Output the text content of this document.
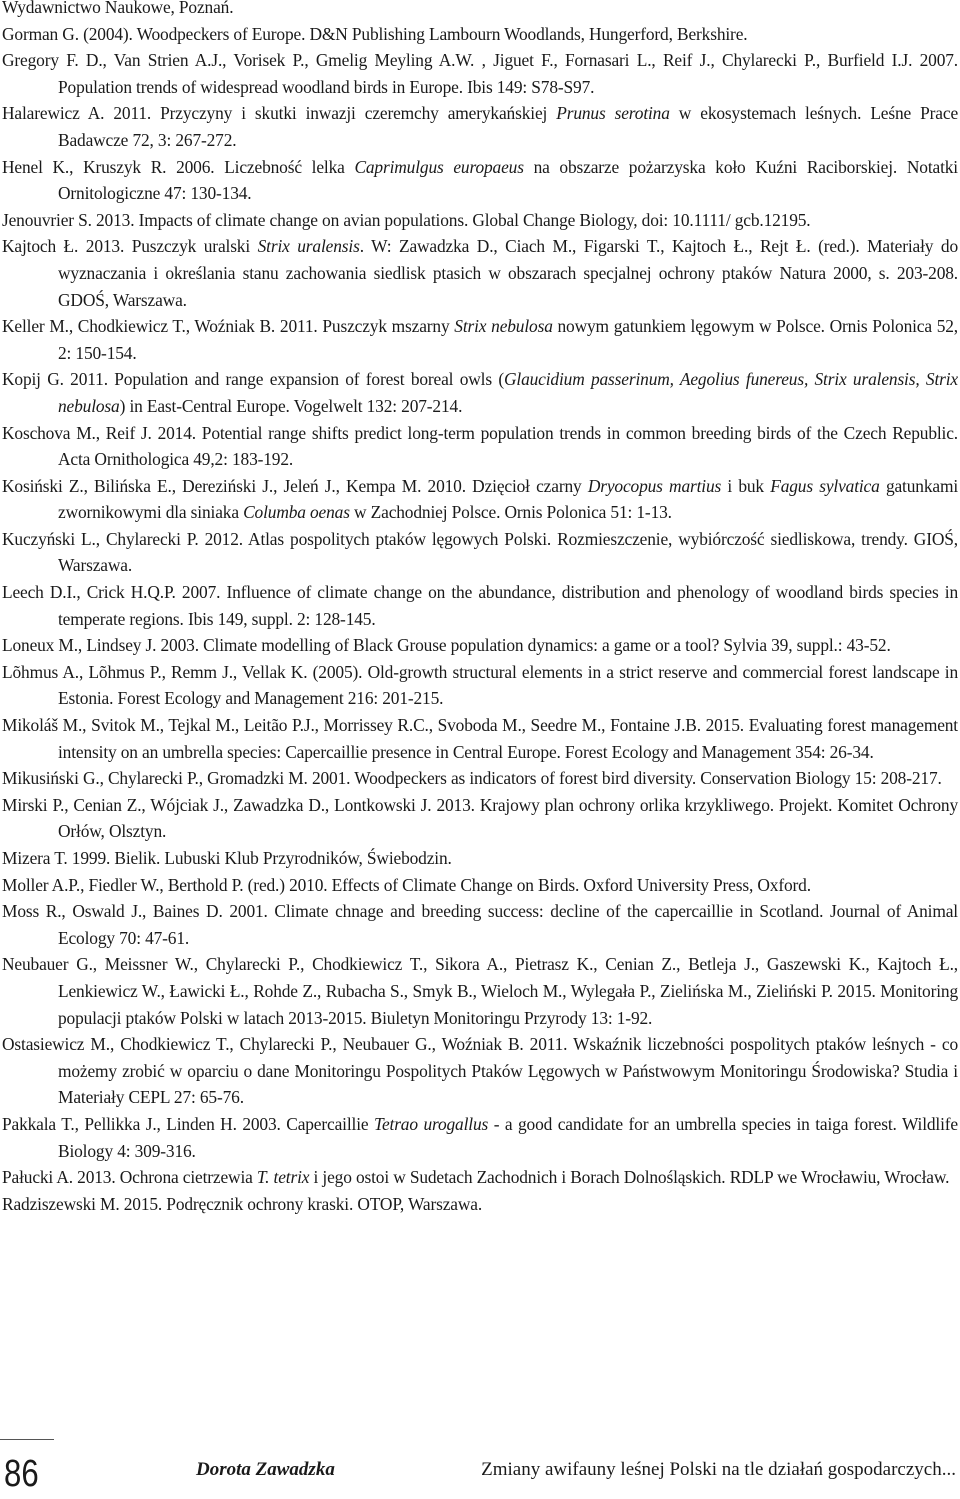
Wydawnictwo Naukowe, Poznań.

Gorman G. (2004). Woodpeckers of Europe. D&N Publishing Lambourn Woodlands, Hungerford, Berkshire.

Gregory F. D., Van Strien A.J., Vorisek P., Gmelig Meyling A.W. , Jiguet F., Fornasari L., Reif J., Chylarecki P., Burfield I.J. 2007. Population trends of widespread woodland birds in Europe. Ibis 149: S78-S97.

Halarewicz A. 2011. Przyczyny i skutki inwazji czeremchy amerykańskiej Prunus serotina w ekosystemach leśnych. Leśne Prace Badawcze 72, 3: 267-272.

Henel K., Kruszyk R. 2006. Liczebność lelka Caprimulgus europaeus na obszarze pożarzyska koło Kuźni Raciborskiej. Notatki Ornitologiczne 47: 130-134.

Jenouvrier S. 2013. Impacts of climate change on avian populations. Global Change Biology, doi: 10.1111/ gcb.12195.

Kajtoch Ł. 2013. Puszczyk uralski Strix uralensis. W: Zawadzka D., Ciach M., Figarski T., Kajtoch Ł., Rejt Ł. (red.). Materiały do wyznaczania i określania stanu zachowania siedlisk ptasich w obszarach specjalnej ochrony ptaków Natura 2000, s. 203-208. GDOŚ, Warszawa.

Keller M., Chodkiewicz T., Woźniak B. 2011. Puszczyk mszarny Strix nebulosa nowym gatunkiem lęgowym w Polsce. Ornis Polonica 52, 2: 150-154.

Kopij G. 2011. Population and range expansion of forest boreal owls (Glaucidium passerinum, Aegolius funereus, Strix uralensis, Strix nebulosa) in East-Central Europe. Vogelwelt 132: 207-214.

Koschova M., Reif J. 2014. Potential range shifts predict long-term population trends in common breeding birds of the Czech Republic. Acta Ornithologica 49,2: 183-192.

Kosiński Z., Bilińska E., Dereziński J., Jeleń J., Kempa M. 2010. Dzięcioł czarny Dryocopus martius i buk Fagus sylvatica gatunkami zwornikowymi dla siniaka Columba oenas w Zachodniej Polsce. Ornis Polonica 51: 1-13.

Kuczyński L., Chylarecki P. 2012. Atlas pospolitych ptaków lęgowych Polski. Rozmieszczenie, wybiórczość siedliskowa, trendy. GIOŚ, Warszawa.

Leech D.I., Crick H.Q.P. 2007. Influence of climate change on the abundance, distribution and phenology of woodland birds species in temperate regions. Ibis 149, suppl. 2: 128-145.

Loneux M., Lindsey J. 2003. Climate modelling of Black Grouse population dynamics: a game or a tool? Sylvia 39, suppl.: 43-52.

Lõhmus A., Lõhmus P., Remm J., Vellak K. (2005). Old-growth structural elements in a strict reserve and commercial forest landscape in Estonia. Forest Ecology and Management 216: 201-215.

Mikoláš M., Svitok M., Tejkal M., Leitão P.J., Morrissey R.C., Svoboda M., Seedre M., Fontaine J.B. 2015. Evaluating forest management intensity on an umbrella species: Capercaillie presence in Central Europe. Forest Ecology and Management 354: 26-34.

Mikusiński G., Chylarecki P., Gromadzki M. 2001. Woodpeckers as indicators of forest bird diversity. Conservation Biology 15: 208-217.

Mirski P., Cenian Z., Wójciak J., Zawadzka D., Lontkowski J. 2013. Krajowy plan ochrony orlika krzykliwego. Projekt. Komitet Ochrony Orłów, Olsztyn.

Mizera T. 1999. Bielik. Lubuski Klub Przyrodników, Świebodzin.

Moller A.P., Fiedler W., Berthold P. (red.) 2010. Effects of Climate Change on Birds. Oxford University Press, Oxford.

Moss R., Oswald J., Baines D. 2001. Climate chnage and breeding success: decline of the capercaillie in Scotland. Journal of Animal Ecology 70: 47-61.

Neubauer G., Meissner W., Chylarecki P., Chodkiewicz T., Sikora A., Pietrasz K., Cenian Z., Betleja J., Gaszewski K., Kajtoch Ł., Lenkiewicz W., Ławicki Ł., Rohde Z., Rubacha S., Smyk B., Wieloch M., Wylegała P., Zielińska M., Zieliński P. 2015. Monitoring populacji ptaków Polski w latach 2013-2015. Biuletyn Monitoringu Przyrody 13: 1-92.

Ostasiewicz M., Chodkiewicz T., Chylarecki P., Neubauer G., Woźniak B. 2011. Wskaźnik liczebności pospolitych ptaków leśnych - co możemy zrobić w oparciu o dane Monitoringu Pospolitych Ptaków Lęgowych w Państwowym Monitoringu Środowiska? Studia i Materiały CEPL 27: 65-76.

Pakkala T., Pellikka J., Linden H. 2003. Capercaillie Tetrao urogallus - a good candidate for an umbrella species in taiga forest. Wildlife Biology 4: 309-316.

Pałucki A. 2013. Ochrona cietrzewia T. tetrix i jego ostoi w Sudetach Zachodnich i Borach Dolnośląskich. RDLP we Wrocławiu, Wrocław.

Radziszewski M. 2015. Podręcznik ochrony kraski. OTOP, Warszawa.

86	Dorota Zawadzka	Zmiany awifauny leśnej Polski na tle działań gospodarczych...
